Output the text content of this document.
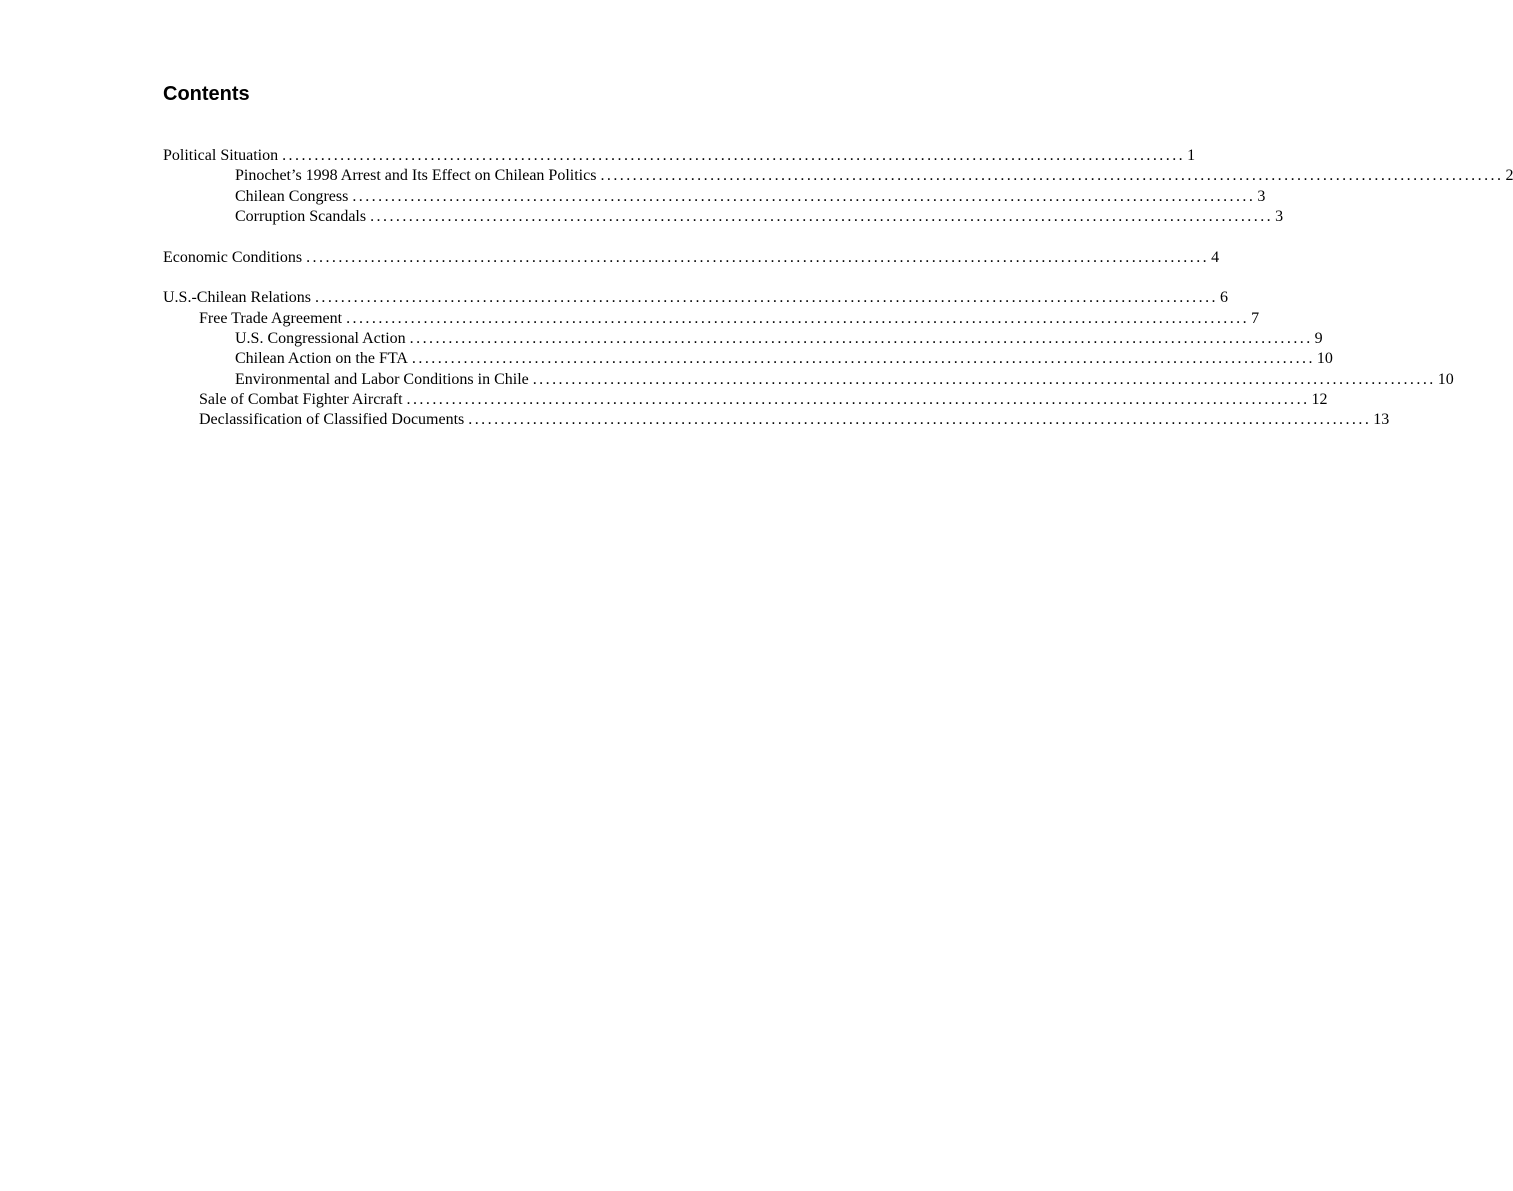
Contents
Political Situation ............................................................................................................................................ 1
Pinochet’s 1998 Arrest and Its Effect on Chilean Politics ............................................................................................................................................ 2
Chilean Congress ............................................................................................................................................ 3
Corruption Scandals ............................................................................................................................................ 3
Economic Conditions ............................................................................................................................................ 4
U.S.-Chilean Relations ............................................................................................................................................ 6
Free Trade Agreement ............................................................................................................................................ 7
U.S. Congressional Action ............................................................................................................................................ 9
Chilean Action on the FTA ............................................................................................................................................ 10
Environmental and Labor Conditions in Chile ............................................................................................................................................ 10
Sale of Combat Fighter Aircraft ............................................................................................................................................ 12
Declassification of Classified Documents ............................................................................................................................................ 13
